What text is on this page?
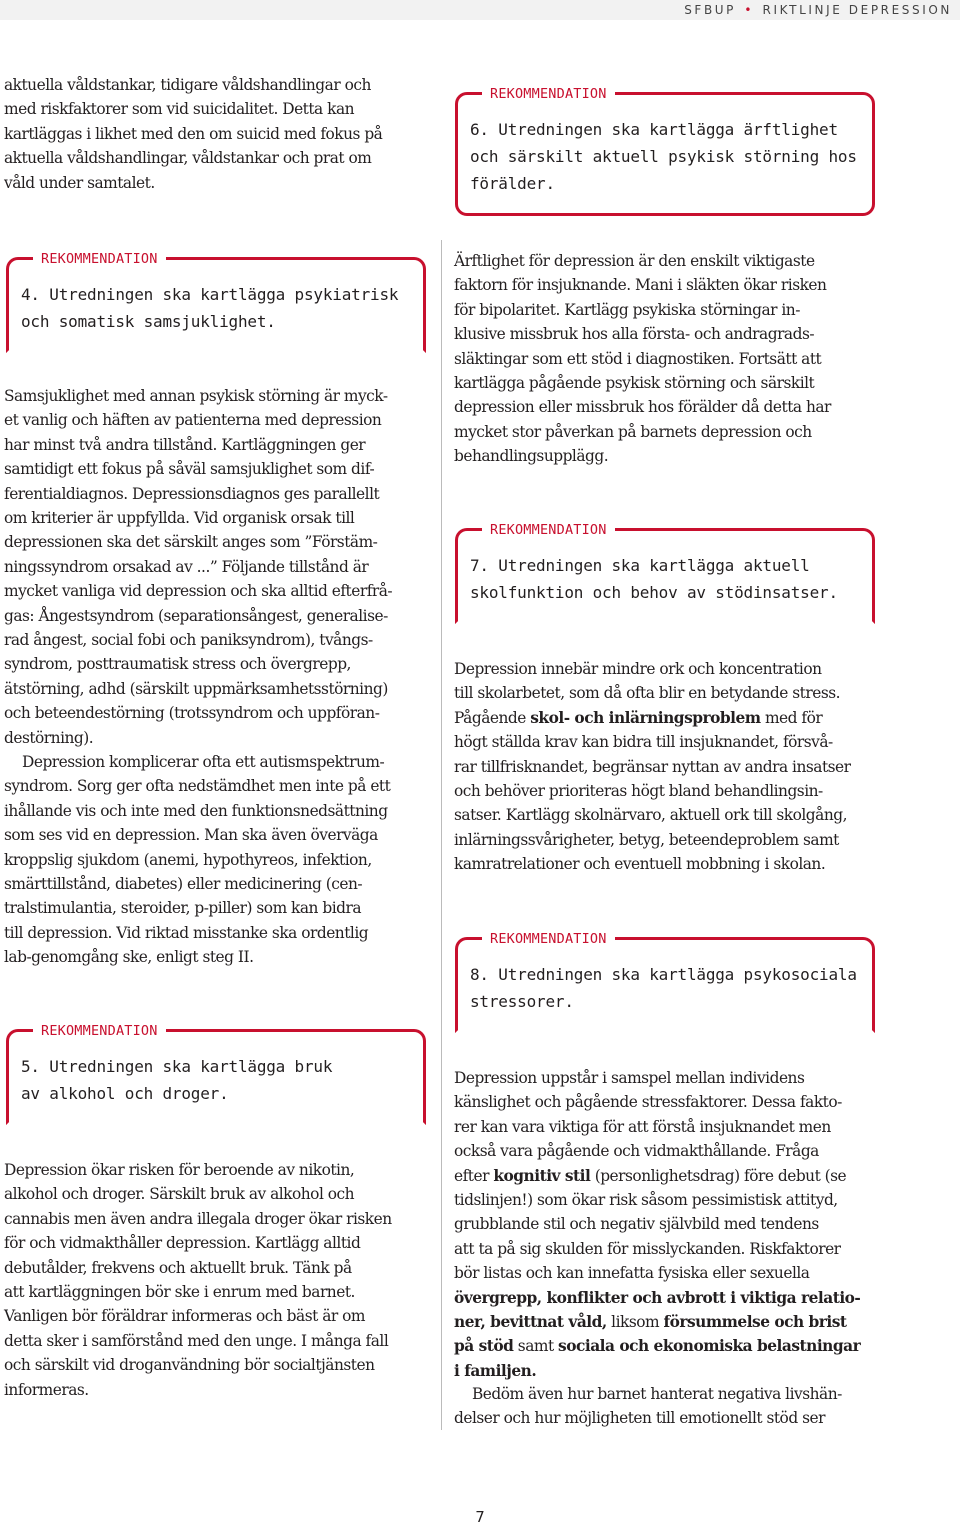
SFBUP • RIKTLINJE DEPRESSION

aktuella våldstankar, tidigare våldshandlingar och
med riskfaktorer som vid suicidalitet. Detta kan
kartläggas i likhet med den om suicid med fokus på
aktuella våldshandlingar, våldstankar och prat om
våld under samtalet.

REKOMMENDATION

4. Utredningen ska kartlägga psykiatrisk
och somatisk samsjuklighet.

Samsjuklighet med annan psykisk störning är myck-
et vanlig och häften av patienterna med depression
har minst två andra tillstånd. Kartläggningen ger
samtidigt ett fokus på såväl samsjuklighet som dif-
ferentialdiagnos. Depressionsdiagnos ges parallellt
om kriterier är uppfyllda. Vid organisk orsak till
depressionen ska det särskilt anges som ”Förstäm-
ningssyndrom orsakad av ...” Följande tillstånd är
mycket vanliga vid depression och ska alltid efterfrå-
gas: Ångestsyndrom (separationsångest, generalise-
rad ångest, social fobi och paniksyndrom), tvångs-
syndrom, posttraumatisk stress och övergrepp,
ätstörning, adhd (särskilt uppmärksamhetsstörning)
och beteendestörning (trotssyndrom och uppföran-
destörning).

Depression komplicerar ofta ett autismspektrum-
syndrom. Sorg ger ofta nedstämdhet men inte på ett
ihållande vis och inte med den funktionsnedsättning
som ses vid en depression. Man ska även överväga
kroppslig sjukdom (anemi, hypothyreos, infektion,
smärttillstånd, diabetes) eller medicinering (cen-
tralstimulantia, steroider, p-piller) som kan bidra
till depression. Vid riktad misstanke ska ordentlig
lab-genomgång ske, enligt steg II.

REKOMMENDATION

5. Utredningen ska kartlägga bruk
av alkohol och droger.

Depression ökar risken för beroende av nikotin,
alkohol och droger. Särskilt bruk av alkohol och
cannabis men även andra illegala droger ökar risken
för och vidmakthåller depression. Kartlägg alltid
debutålder, frekvens och aktuellt bruk. Tänk på
att kartläggningen bör ske i enrum med barnet.
Vanligen bör föräldrar informeras och bäst är om
detta sker i samförstånd med den unge. I många fall
och särskilt vid droganvändning bör socialtjänsten
informeras.

REKOMMENDATION

6. Utredningen ska kartlägga ärftlighet
och särskilt aktuell psykisk störning hos
förälder.

Ärftlighet för depression är den enskilt viktigaste
faktorn för insjuknande. Mani i släkten ökar risken
för bipolaritet. Kartlägg psykiska störningar in-
klusive missbruk hos alla första- och andragrads-
släktingar som ett stöd i diagnostiken. Fortsätt att
kartlägga pågående psykisk störning och särskilt
depression eller missbruk hos förälder då detta har
mycket stor påverkan på barnets depression och
behandlingsupplägg.

REKOMMENDATION

7. Utredningen ska kartlägga aktuell
skolfunktion och behov av stödinsatser.

Depression innebär mindre ork och koncentration
till skolarbetet, som då ofta blir en betydande stress.
Pågående skol- och inlärningsproblem med för
högt ställda krav kan bidra till insjuknandet, försvå-
rar tillfrisknandet, begränsar nyttan av andra insatser
och behöver prioriteras högt bland behandlingsin-
satser. Kartlägg skolnärvaro, aktuell ork till skolgång,
inlärningssvårigheter, betyg, beteendeproblem samt
kamratrelationer och eventuell mobbning i skolan.

REKOMMENDATION

8. Utredningen ska kartlägga psykosociala
stressorer.

Depression uppstår i samspel mellan individens
känslighet och pågående stressfaktorer. Dessa fakto-
rer kan vara viktiga för att förstå insjuknandet men
också vara pågående och vidmakthållande. Fråga
efter kognitiv stil (personlighetsdrag) före debut (se
tidslinjen!) som ökar risk såsom pessimistisk attityd,
grubblande stil och negativ självbild med tendens
att ta på sig skulden för misslyckanden. Riskfaktorer
bör listas och kan innefatta fysiska eller sexuella
övergrepp, konflikter och avbrott i viktiga relatio-
ner, bevittnat våld, liksom försummelse och brist
på stöd samt sociala och ekonomiska belastningar
i familjen.

Bedöm även hur barnet hanterat negativa livshän-
delser och hur möjligheten till emotionellt stöd ser

7
